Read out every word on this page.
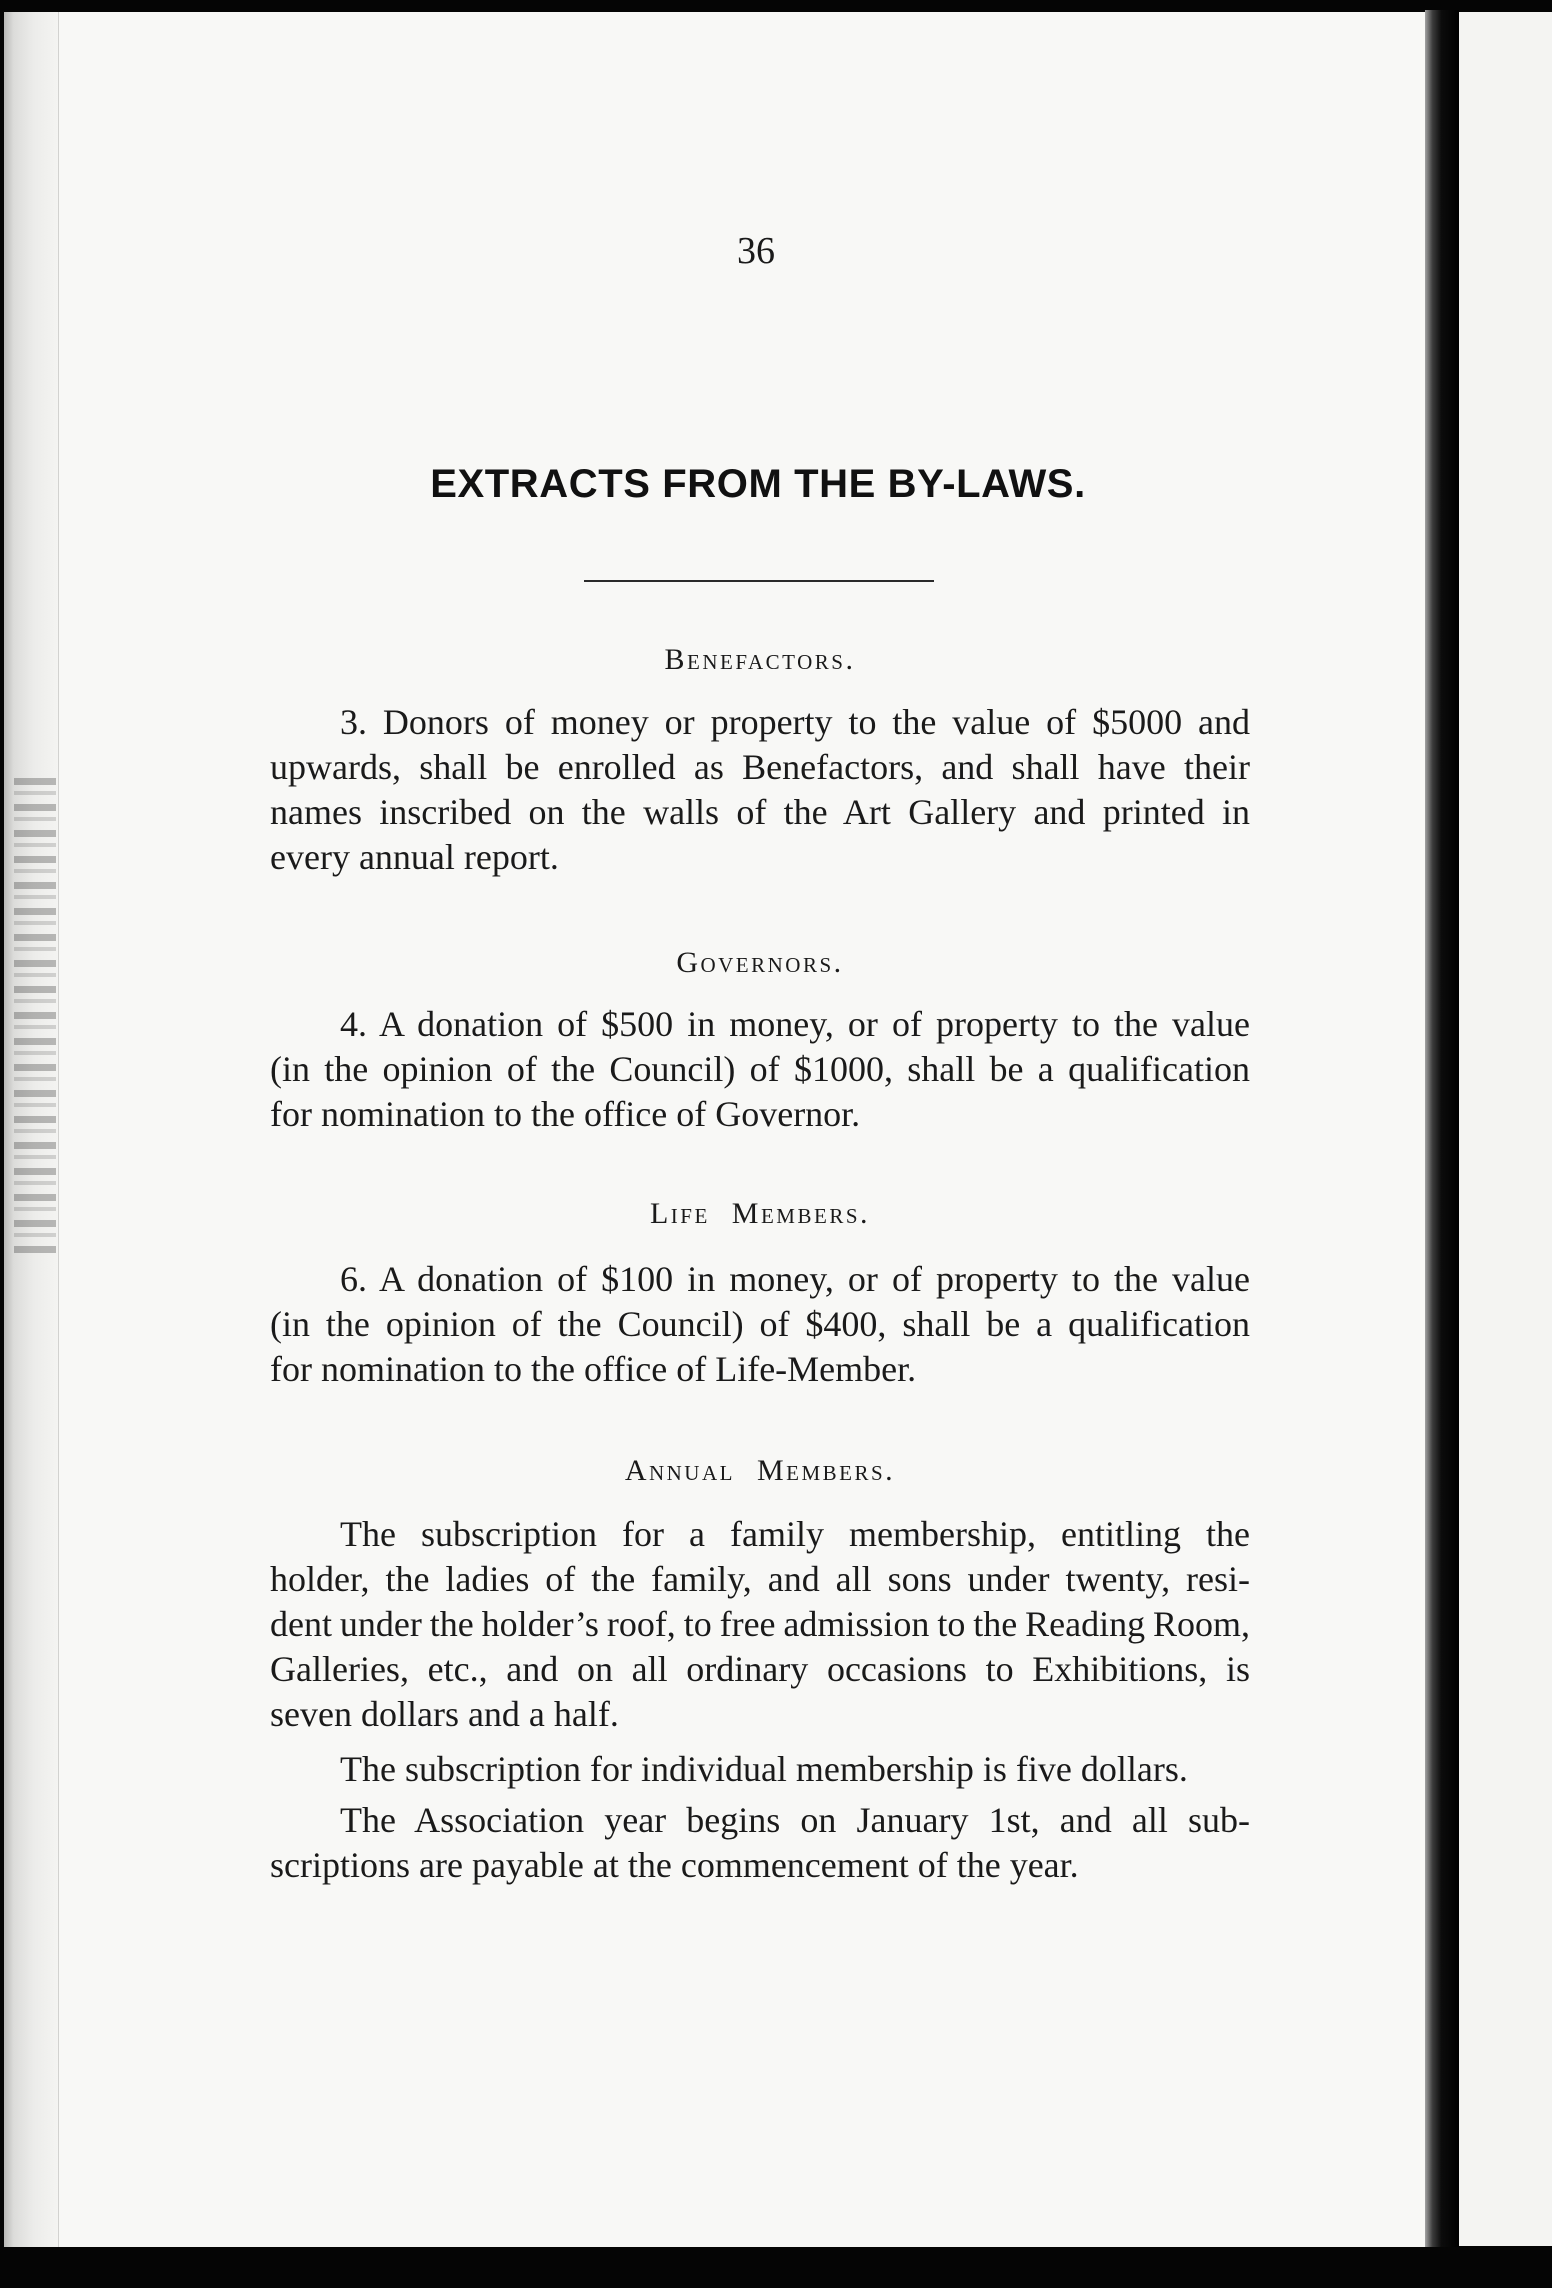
36
EXTRACTS FROM THE BY-LAWS.
Benefactors.
3. Donors of money or property to the value of $5000 and
upwards, shall be enrolled as Benefactors, and shall have their
names inscribed on the walls of the Art Gallery and printed in
every annual report.
Governors.
4. A donation of $500 in money, or of property to the value
(in the opinion of the Council) of $1000, shall be a qualification
for nomination to the office of Governor.
Life Members.
6. A donation of $100 in money, or of property to the value
(in the opinion of the Council) of $400, shall be a qualification
for nomination to the office of Life-Member.
Annual Members.
The subscription for a family membership, entitling the
holder, the ladies of the family, and all sons under twenty, resi-
dent under the holder’s roof, to free admission to the Reading Room,
Galleries, etc., and on all ordinary occasions to Exhibitions, is
seven dollars and a half.
The subscription for individual membership is five dollars.
The Association year begins on January 1st, and all sub-
scriptions are payable at the commencement of the year.
